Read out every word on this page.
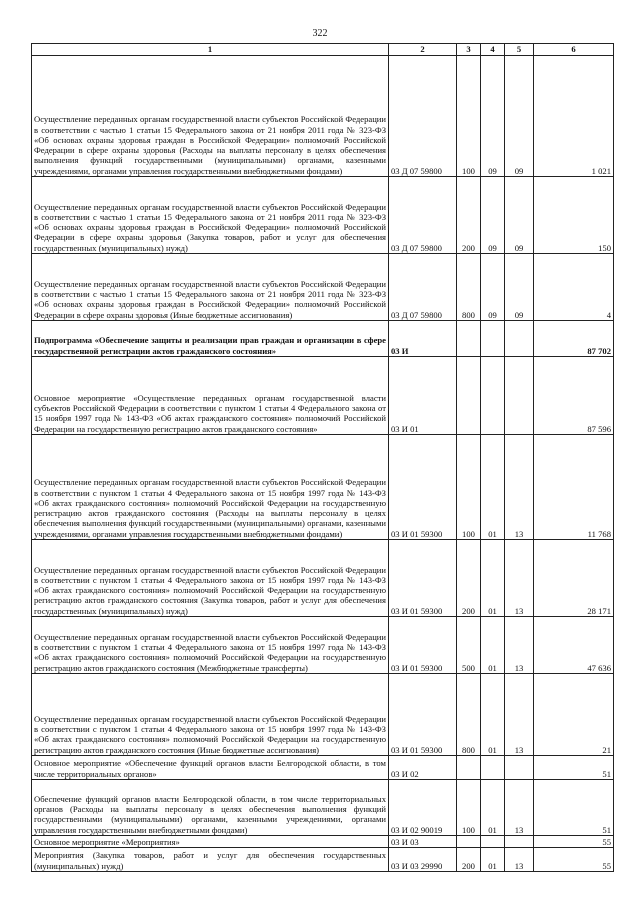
322
1	2	3	4	5	6
Осуществление переданных органам государственной власти субъектов Российской Федерации в соответствии с частью 1 статьи 15 Федерального закона от 21 ноября 2011 года № 323-ФЗ «Об основах охраны здоровья граждан в Российской Федерации» полномочий Российской Федерации в сфере охраны здоровья (Расходы на выплаты персоналу в целях обеспечения выполнения функций государственными (муниципальными) органами, казенными учреждениями, органами управления государственными внебюджетными фондами)	03 Д 07 59800	100	09	09	1 021
Осуществление переданных органам государственной власти субъектов Российской Федерации в соответствии с частью 1 статьи 15 Федерального закона от 21 ноября 2011 года № 323-ФЗ «Об основах охраны здоровья граждан в Российской Федерации» полномочий Российской Федерации в сфере охраны здоровья (Закупка товаров, работ и услуг для обеспечения государственных (муниципальных) нужд)	03 Д 07 59800	200	09	09	150
Осуществление переданных органам государственной власти субъектов Российской Федерации в соответствии с частью 1 статьи 15 Федерального закона от 21 ноября 2011 года № 323-ФЗ «Об основах охраны здоровья граждан в Российской Федерации» полномочий Российской Федерации в сфере охраны здоровья (Иные бюджетные ассигнования)	03 Д 07 59800	800	09	09	4
Подпрограмма «Обеспечение защиты и реализации прав граждан и организации в сфере государственной регистрации актов гражданского состояния»	03 И				87 702
Основное мероприятие «Осуществление переданных органам государственной власти субъектов Российской Федерации в соответствии с пунктом 1 статьи 4 Федерального закона от 15 ноября 1997 года № 143-ФЗ «Об актах гражданского состояния» полномочий Российской Федерации на государственную регистрацию актов гражданского состояния»	03 И 01				87 596
Осуществление переданных органам государственной власти субъектов Российской Федерации в соответствии с пунктом 1 статьи 4 Федерального закона от 15 ноября 1997 года № 143-ФЗ «Об актах гражданского состояния» полномочий Российской Федерации на государственную регистрацию актов гражданского состояния (Расходы на выплаты персоналу в целях обеспечения выполнения функций государственными (муниципальными) органами, казенными учреждениями, органами управления государственными внебюджетными фондами)	03 И 01 59300	100	01	13	11 768
Осуществление переданных органам государственной власти субъектов Российской Федерации в соответствии с пунктом 1 статьи 4 Федерального закона от 15 ноября 1997 года № 143-ФЗ «Об актах гражданского состояния» полномочий Российской Федерации на государственную регистрацию актов гражданского состояния (Закупка товаров, работ и услуг для обеспечения государственных (муниципальных) нужд)	03 И 01 59300	200	01	13	28 171
Осуществление переданных органам государственной власти субъектов Российской Федерации в соответствии с пунктом 1 статьи 4 Федерального закона от 15 ноября 1997 года № 143-ФЗ «Об актах гражданского состояния» полномочий Российской Федерации на государственную регистрацию актов гражданского состояния (Межбюджетные трансферты)	03 И 01 59300	500	01	13	47 636
Осуществление переданных органам государственной власти субъектов Российской Федерации в соответствии с пунктом 1 статьи 4 Федерального закона от 15 ноября 1997 года № 143-ФЗ «Об актах гражданского состояния» полномочий Российской Федерации на государственную регистрацию актов гражданского состояния (Иные бюджетные ассигнования)	03 И 01 59300	800	01	13	21
Основное мероприятие «Обеспечение функций органов власти Белгородской области, в том числе территориальных органов»	03 И 02				51
Обеспечение функций органов власти Белгородской области, в том числе территориальных органов (Расходы на выплаты персоналу в целях обеспечения выполнения функций государственными (муниципальными) органами, казенными учреждениями, органами управления государственными внебюджетными фондами)	03 И 02 90019	100	01	13	51
Основное мероприятие «Мероприятия»	03 И 03				55
Мероприятия (Закупка товаров, работ и услуг для обеспечения государственных (муниципальных) нужд)	03 И 03 29990	200	01	13	55
